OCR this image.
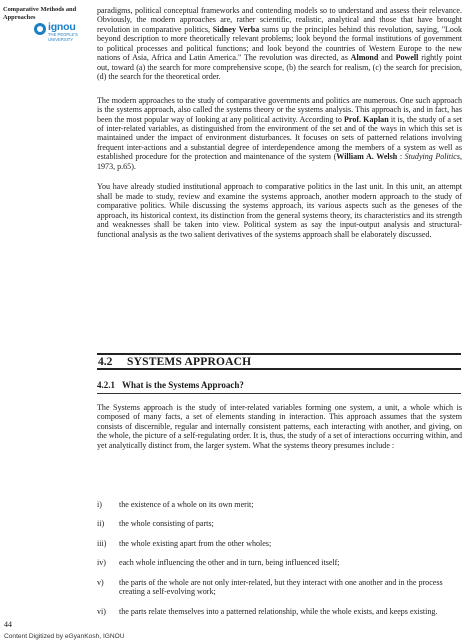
Comparative Methods and
Approaches
ignou
THE PEOPLE'S
UNIVERSITY

paradigms, political conceptual frameworks and contending models so to understand and assess their relevance. Obviously, the modern approaches are, rather scientific, realistic, analytical and those that have brought revolution in comparative politics, Sidney Verba sums up the principles behind this revolution, saying, "Look beyond description to more theoretically relevant problems; look beyond the formal institutions of government to political processes and political functions; and look beyond the countries of Western Europe to the new nations of Asia, Africa and Latin America." The revolution was directed, as Almond and Powell rightly point out, toward (a) the search for more comprehensive scope, (b) the search for realism, (c) the search for precision, (d) the search for the theoretical order.

The modern approaches to the study of comparative governments and politics are numerous. One such approach is the systems approach, also called the systems theory or the systems analysis. This approach is, and in fact, has been the most popular way of looking at any political activity. According to Prof. Kaplan it is, the study of a set of inter-related variables, as distinguished from the environment of the set and of the ways in which this set is maintained under the impact of environment disturbances. It focuses on sets of patterned relations involving frequent inter-actions and a substantial degree of interdependence among the members of a system as well as established procedure for the protection and maintenance of the system (William A. Welsh : Studying Politics, 1973, p.65).

You have already studied institutional approach to comparative politics in the last unit. In this unit, an attempt shall be made to study, review and examine the systems approach, another modern approach to the study of comparative politics. While discussing the systems approach, its various aspects such as the geneses of the approach, its historical context, its distinction from the general systems theory, its characteristics and its strength and weaknesses shall be taken into view. Political system as say the input-output analysis and structural-functional analysis as the two salient derivatives of the systems approach shall be elaborately discussed.

4.2	SYSTEMS APPROACH
4.2.1 What is the Systems Approach?

The Systems approach is the study of inter-related variables forming one system, a unit, a whole which is composed of many facts, a set of elements standing in interaction. This approach assumes that the system consists of discernible, regular and internally consistent patterns, each interacting with another, and giving, on the whole, the picture of a self-regulating order. It is, thus, the study of a set of interactions occurring within, and yet analytically distinct from, the larger system. What the systems theory presumes include :

i)	the existence of a whole on its own merit;
ii)	the whole consisting of parts;
iii)	the whole existing apart from the other wholes;
iv)	each whole influencing the other and in turn, being influenced itself;
v)	the parts of the whole are not only inter-related, but they interact with one another and in the process creating a self-evolving work;
vi)	the parts relate themselves into a patterned relationship, while the whole exists, and keeps existing.
44
Content Digitized by eGyanKosh, IGNOU
